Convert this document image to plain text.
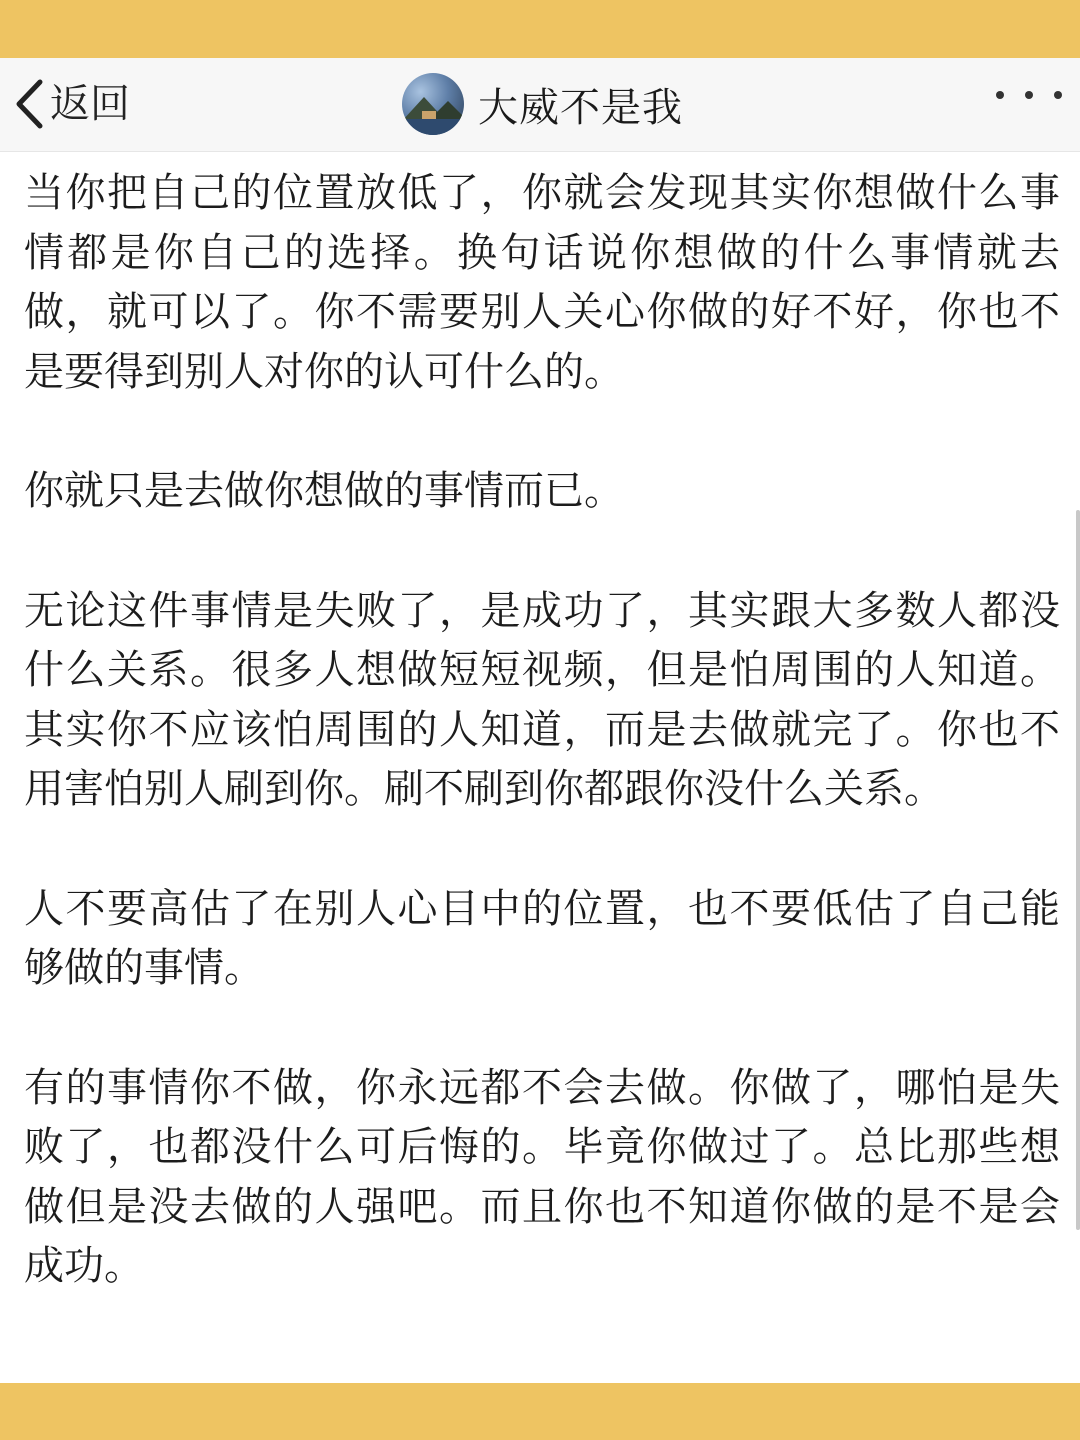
返回	大威不是我

当你把自己的位置放低了，你就会发现其实你想做什么事情都是你自己的选择。换句话说你想做的什么事情就去做，就可以了。你不需要别人关心你做的好不好，你也不是要得到别人对你的认可什么的。

你就只是去做你想做的事情而已。

无论这件事情是失败了，是成功了，其实跟大多数人都没什么关系。很多人想做短短视频，但是怕周围的人知道。其实你不应该怕周围的人知道，而是去做就完了。你也不用害怕别人刷到你。刷不刷到你都跟你没什么关系。

人不要高估了在别人心目中的位置，也不要低估了自己能够做的事情。

有的事情你不做，你永远都不会去做。你做了，哪怕是失败了，也都没什么可后悔的。毕竟你做过了。总比那些想做但是没去做的人强吧。而且你也不知道你做的是不是会成功。
